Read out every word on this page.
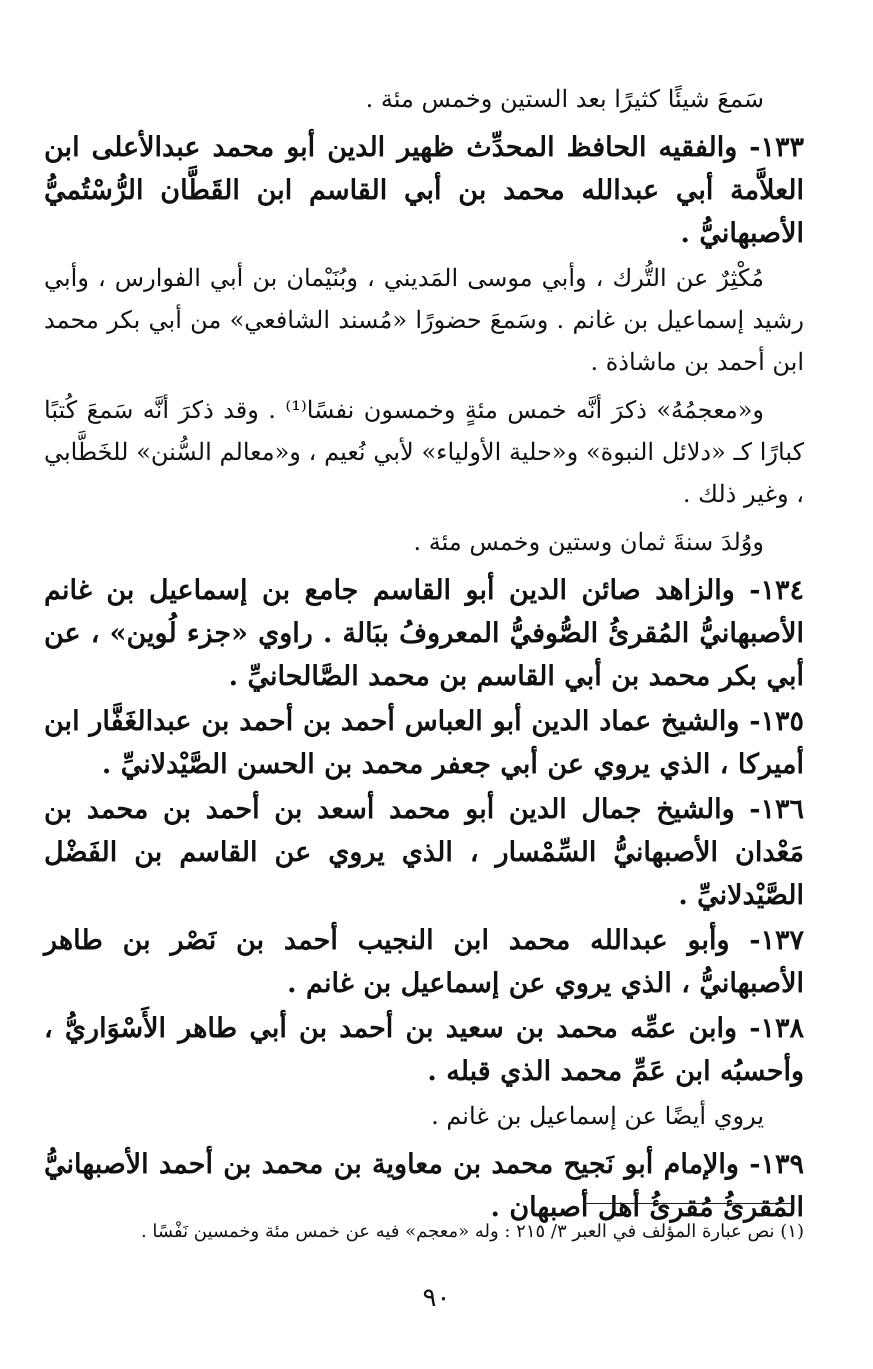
سَمعَ شيئًا كثيرًا بعد الستين وخمس مئة .

١٣٣- والفقيه الحافظ المحدِّث ظهير الدين أبو محمد عبدالأعلى ابن العلاَّمة أبي عبدالله محمد بن أبي القاسم ابن القَطَّان الرُّسْتُميُّ الأصبهانيُّ .

مُكْثِرٌ عن التُّرك ، وأبي موسى المَديني ، وبُنَيْمان بن أبي الفوارس ، وأبي رشيد إسماعيل بن غانم . وسَمعَ حضورًا «مُسند الشافعي» من أبي بكر محمد ابن أحمد بن ماشاذة .

و«معجمُهُ» ذكرَ أنَّه خمس مئةٍ وخمسون نفسًا⁽¹⁾ . وقد ذكرَ أنَّه سَمعَ كُتبًا كبارًا كـ «دلائل النبوة» و«حلية الأولياء» لأبي نُعيم ، و«معالم السُّنن» للخَطَّابي ، وغير ذلك .

ووُلدَ سنةَ ثمان وستين وخمس مئة .

١٣٤- والزاهد صائن الدين أبو القاسم جامع بن إسماعيل بن غانم الأصبهانيُّ المُقرئُ الصُّوفيُّ المعروفُ ببَالة . راوي «جزء لُوين» ، عن أبي بكر محمد بن أبي القاسم بن محمد الصَّالحانيِّ .

١٣٥- والشيخ عماد الدين أبو العباس أحمد بن أحمد بن عبدالغَفَّار ابن أميركا ، الذي يروي عن أبي جعفر محمد بن الحسن الصَّيْدلانيِّ .

١٣٦- والشيخ جمال الدين أبو محمد أسعد بن أحمد بن محمد بن مَعْدان الأصبهانيُّ السِّمْسار ، الذي يروي عن القاسم بن الفَضْل الصَّيْدلانيِّ .

١٣٧- وأبو عبدالله محمد ابن النجيب أحمد بن نَصْر بن طاهر الأصبهانيُّ ، الذي يروي عن إسماعيل بن غانم .

١٣٨- وابن عمِّه محمد بن سعيد بن أحمد بن أبي طاهر الأَسْوَاريُّ ، وأحسبُه ابن عَمِّ محمد الذي قبله .

يروي أيضًا عن إسماعيل بن غانم .

١٣٩- والإمام أبو نَجيح محمد بن معاوية بن محمد بن أحمد الأصبهانيُّ المُقرئُ مُقرئُ أهل أصبهان .

(١) نص عبارة المؤلف في العبر ٣/ ٢١٥ : وله «معجم» فيه عن خمس مئة وخمسين نَفْسًا .
٩٠
